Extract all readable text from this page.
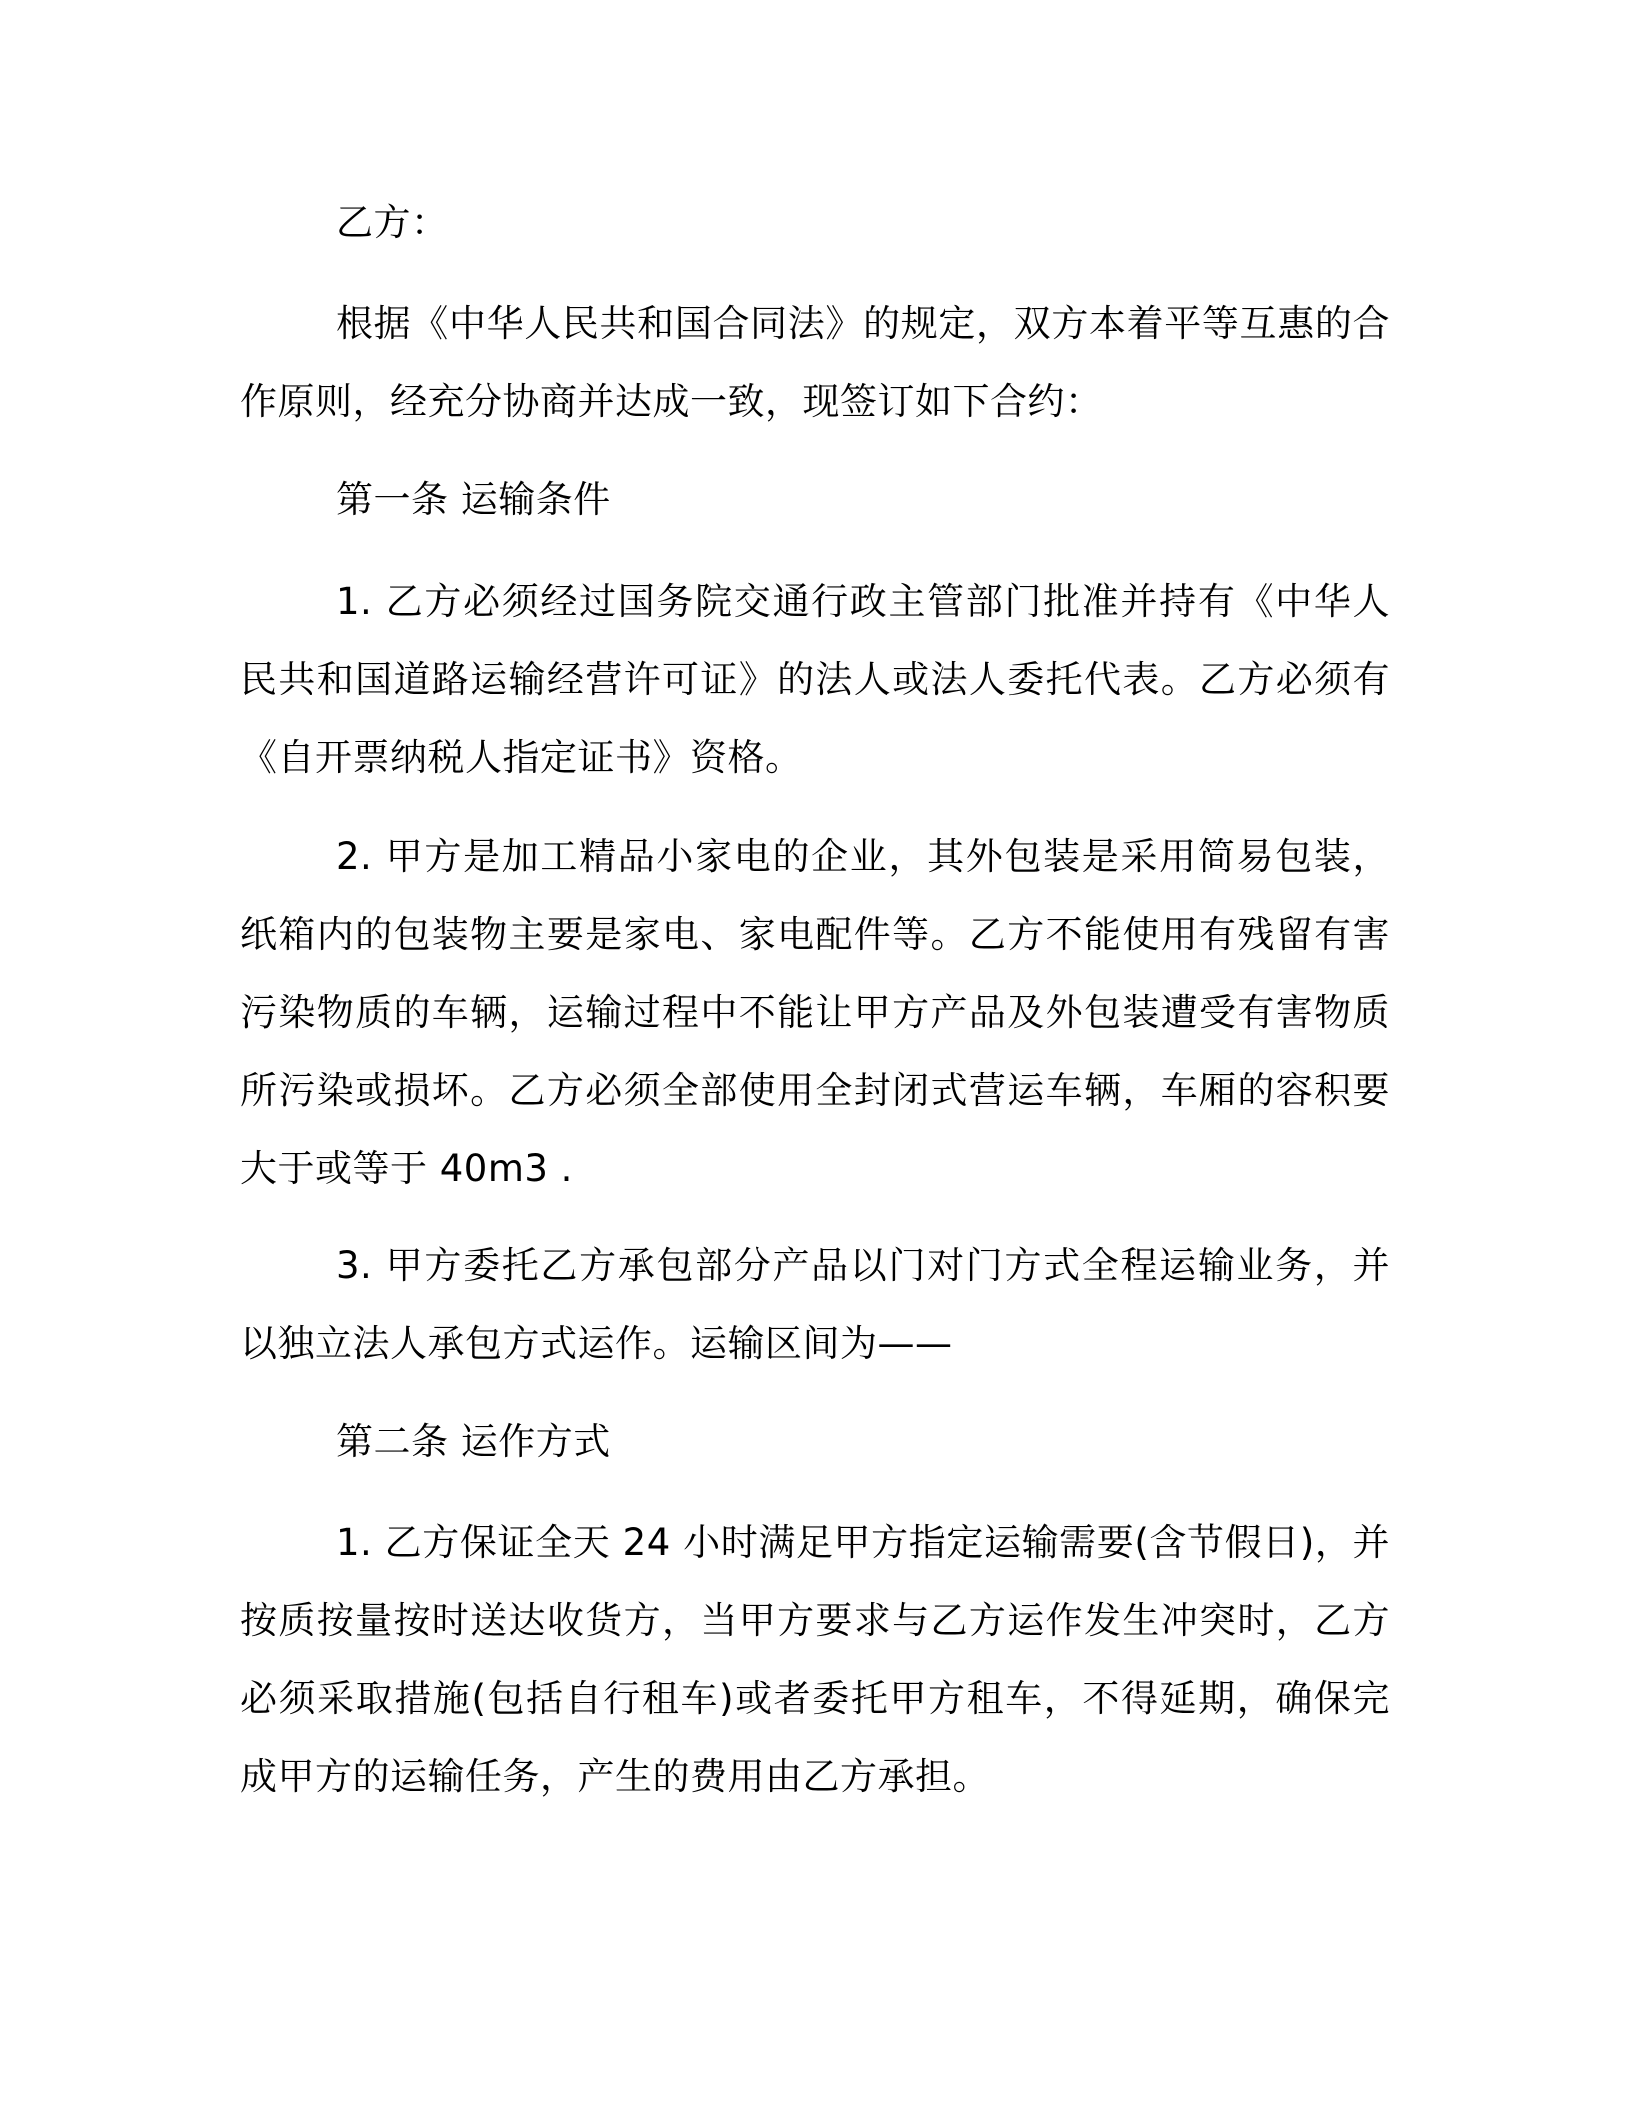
乙方：

根据《中华人民共和国合同法》的规定，双方本着平等互惠的合作原则，经充分协商并达成一致，现签订如下合约：

第一条 运输条件

1. 乙方必须经过国务院交通行政主管部门批准并持有《中华人民共和国道路运输经营许可证》的法人或法人委托代表。乙方必须有《自开票纳税人指定证书》资格。

2. 甲方是加工精品小家电的企业，其外包装是采用简易包装，纸箱内的包装物主要是家电、家电配件等。乙方不能使用有残留有害污染物质的车辆，运输过程中不能让甲方产品及外包装遭受有害物质所污染或损坏。乙方必须全部使用全封闭式营运车辆，车厢的容积要大于或等于 40m3 .

3. 甲方委托乙方承包部分产品以门对门方式全程运输业务，并以独立法人承包方式运作。运输区间为——

第二条 运作方式

1. 乙方保证全天 24 小时满足甲方指定运输需要(含节假日)，并按质按量按时送达收货方，当甲方要求与乙方运作发生冲突时，乙方必须采取措施(包括自行租车)或者委托甲方租车，不得延期，确保完成甲方的运输任务，产生的费用由乙方承担。
